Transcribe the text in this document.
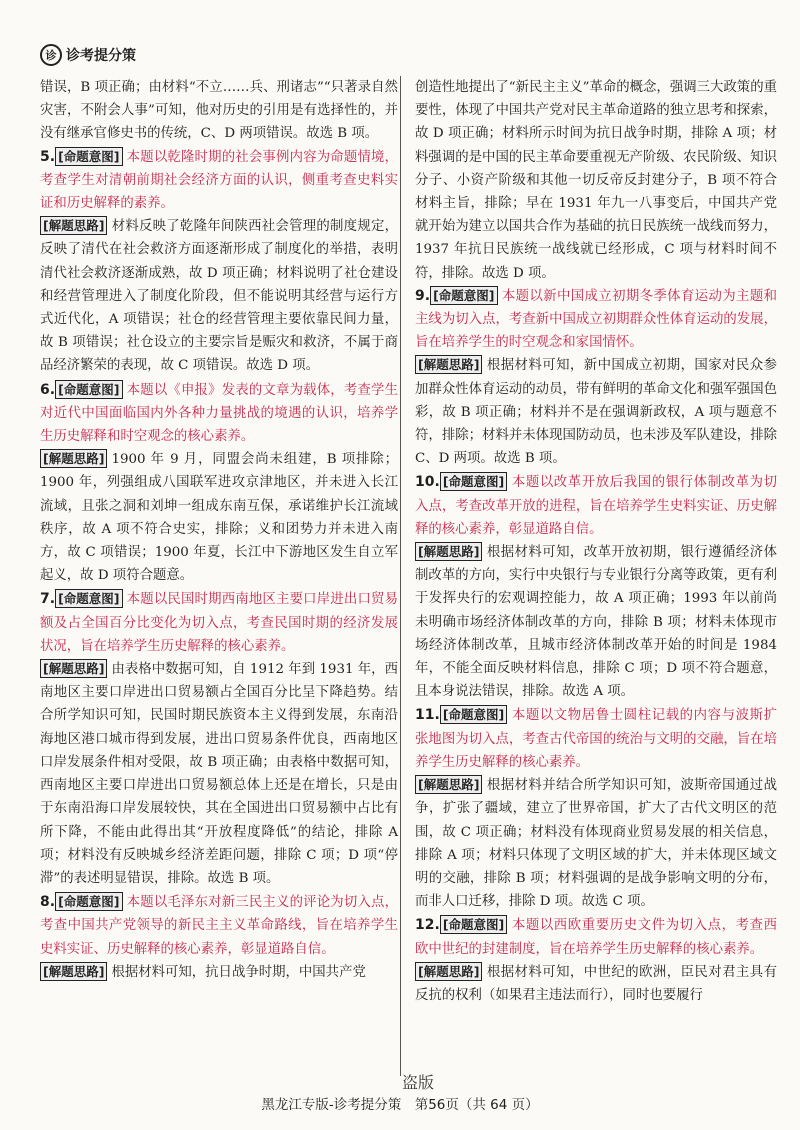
诊 诊考提分策
错误，B 项正确；由材料“不立……兵、刑诸志”“只著录自然灾害，不附会人事”可知，他对历史的引用是有选择性的，并没有继承官修史书的传统，C、D 两项错误。故选 B 项。
5. [命题意图] 本题以乾隆时期的社会事例内容为命题情境，考查学生对清朝前期社会经济方面的认识，侧重考查史料实证和历史解释的素养。
[解题思路] 材料反映了乾隆年间陕西社会管理的制度规定，反映了清代在社会救济方面逐渐形成了制度化的举措，表明清代社会救济逐渐成熟，故 D 项正确；材料说明了社仓建设和经营管理进入了制度化阶段，但不能说明其经营与运行方式近代化，A 项错误；社仓的经营管理主要依靠民间力量，故 B 项错误；社仓设立的主要宗旨是赈灾和救济，不属于商品经济繁荣的表现，故 C 项错误。故选 D 项。
6. [命题意图] 本题以《申报》发表的文章为载体，考查学生对近代中国面临国内外各种力量挑战的境遇的认识，培养学生历史解释和时空观念的核心素养。
[解题思路] 1900 年 9 月，同盟会尚未组建，B 项排除；1900 年，列强组成八国联军进攻京津地区，并未进入长江流域，且张之洞和刘坤一组成东南互保，承诺维护长江流域秩序，故 A 项不符合史实，排除；义和团势力并未进入南方，故 C 项错误；1900 年夏，长江中下游地区发生自立军起义，故 D 项符合题意。
7. [命题意图] 本题以民国时期西南地区主要口岸进出口贸易额及占全国百分比变化为切入点，考查民国时期的经济发展状况，旨在培养学生历史解释的核心素养。
[解题思路] 由表格中数据可知，自 1912 年到 1931 年，西南地区主要口岸进出口贸易额占全国百分比呈下降趋势。结合所学知识可知，民国时期民族资本主义得到发展，东南沿海地区港口城市得到发展，进出口贸易条件优良，西南地区口岸发展条件相对受限，故 B 项正确；由表格中数据可知，西南地区主要口岸进出口贸易额总体上还是在增长，只是由于东南沿海口岸发展较快，其在全国进出口贸易额中占比有所下降，不能由此得出其“开放程度降低”的结论，排除 A 项；材料没有反映城乡经济差距问题，排除 C 项；D 项“停滞”的表述明显错误，排除。故选 B 项。
8. [命题意图] 本题以毛泽东对新三民主义的评论为切入点，考查中国共产党领导的新民主主义革命路线，旨在培养学生史料实证、历史解释的核心素养，彰显道路自信。
[解题思路] 根据材料可知，抗日战争时期，中国共产党
创造性地提出了“新民主主义”革命的概念，强调三大政策的重要性，体现了中国共产党对民主革命道路的独立思考和探索，故 D 项正确；材料所示时间为抗日战争时期，排除 A 项；材料强调的是中国的民主革命要重视无产阶级、农民阶级、知识分子、小资产阶级和其他一切反帝反封建分子，B 项不符合材料主旨，排除；早在 1931 年九一八事变后，中国共产党就开始为建立以国共合作为基础的抗日民族统一战线而努力，1937 年抗日民族统一战线就已经形成，C 项与材料时间不符，排除。故选 D 项。
9. [命题意图] 本题以新中国成立初期冬季体育运动为主题和主线为切入点，考查新中国成立初期群众性体育运动的发展，旨在培养学生的时空观念和家国情怀。
[解题思路] 根据材料可知，新中国成立初期，国家对民众参加群众性体育运动的动员，带有鲜明的革命文化和强军强国色彩，故 B 项正确；材料并不是在强调新政权，A 项与题意不符，排除；材料并未体现国防动员，也未涉及军队建设，排除 C、D 两项。故选 B 项。
10. [命题意图] 本题以改革开放后我国的银行体制改革为切入点，考查改革开放的进程，旨在培养学生史料实证、历史解释的核心素养，彰显道路自信。
[解题思路] 根据材料可知，改革开放初期，银行遵循经济体制改革的方向，实行中央银行与专业银行分离等政策，更有利于发挥央行的宏观调控能力，故 A 项正确；1993 年以前尚未明确市场经济体制改革的方向，排除 B 项；材料未体现市场经济体制改革，且城市经济体制改革开始的时间是 1984 年，不能全面反映材料信息，排除 C 项；D 项不符合题意，且本身说法错误，排除。故选 A 项。
11. [命题意图] 本题以文物居鲁士圆柱记载的内容与波斯扩张地图为切入点，考查古代帝国的统治与文明的交融，旨在培养学生历史解释的核心素养。
[解题思路] 根据材料并结合所学知识可知，波斯帝国通过战争，扩张了疆域，建立了世界帝国，扩大了古代文明区的范围，故 C 项正确；材料没有体现商业贸易发展的相关信息，排除 A 项；材料只体现了文明区域的扩大，并未体现区域文明的交融，排除 B 项；材料强调的是战争影响文明的分布，而非人口迁移，排除 D 项。故选 C 项。
12. [命题意图] 本题以西欧重要历史文件为切入点，考查西欧中世纪的封建制度，旨在培养学生历史解释的核心素养。
[解题思路] 根据材料可知，中世纪的欧洲，臣民对君主具有反抗的权利（如果君主违法而行），同时也要履行
盗版
黑龙江专版-诊考提分策　第56页（共 64 页）
